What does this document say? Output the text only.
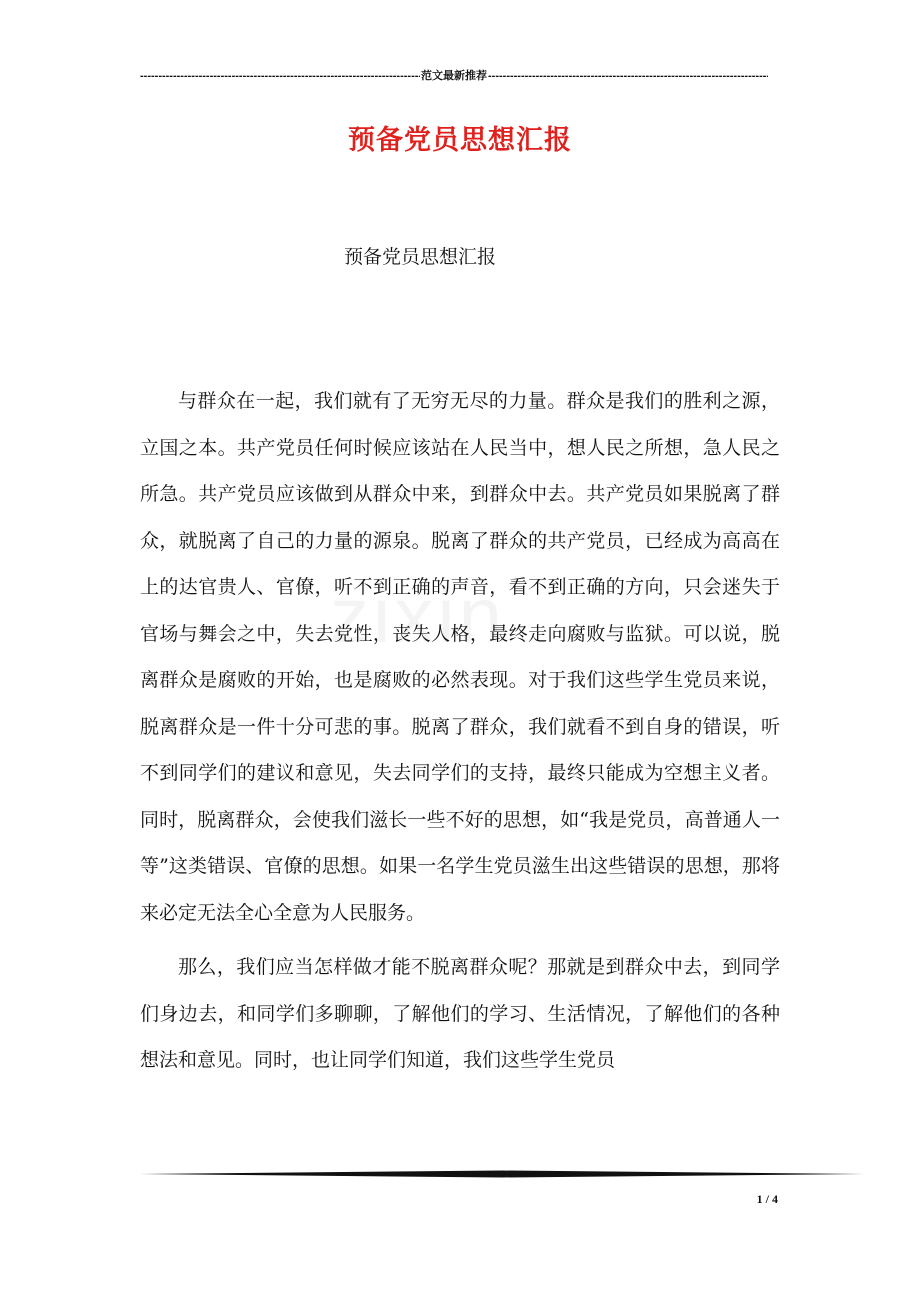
-----
范文最新推荐
-----
预备党员思想汇报
预备党员思想汇报
zixin

与群众在一起，我们就有了无穷无尽的力量。群众是我们的胜利之源，立国之本。共产党员任何时候应该站在人民当中，想人民之所想，急人民之所急。共产党员应该做到从群众中来，到群众中去。共产党员如果脱离了群众，就脱离了自己的力量的源泉。脱离了群众的共产党员，已经成为高高在上的达官贵人、官僚，听不到正确的声音，看不到正确的方向，只会迷失于官场与舞会之中，失去党性，丧失人格，最终走向腐败与监狱。可以说，脱离群众是腐败的开始，也是腐败的必然表现。对于我们这些学生党员来说，脱离群众是一件十分可悲的事。脱离了群众，我们就看不到自身的错误，听不到同学们的建议和意见，失去同学们的支持，最终只能成为空想主义者。同时，脱离群众，会使我们滋长一些不好的思想，如“我是党员，高普通人一等”这类错误、官僚的思想。如果一名学生党员滋生出这些错误的思想，那将来必定无法全心全意为人民服务。

那么，我们应当怎样做才能不脱离群众呢？那就是到群众中去，到同学们身边去，和同学们多聊聊，了解他们的学习、生活情况，了解他们的各种想法和意见。同时，也让同学们知道，我们这些学生党员

1 / 4
